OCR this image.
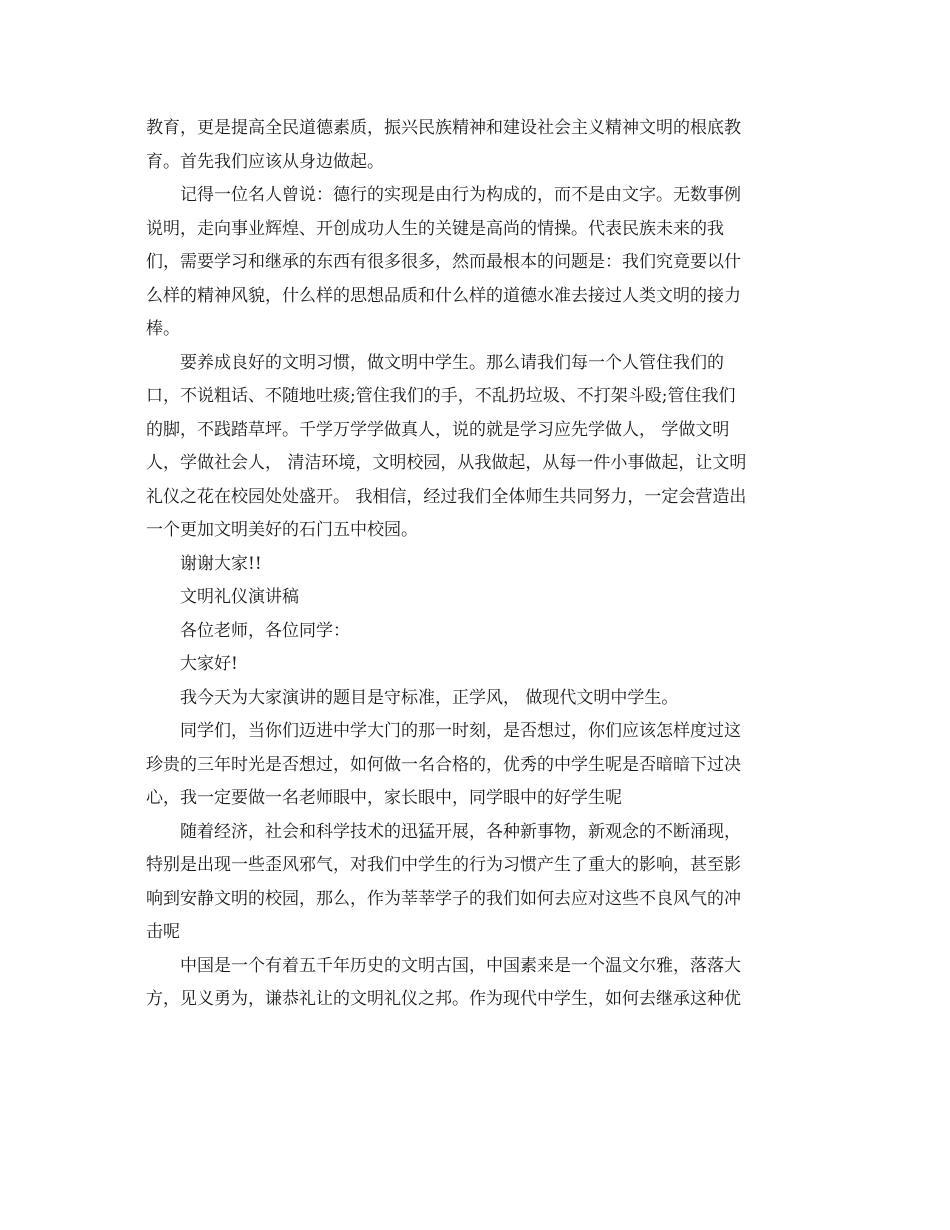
教育，更是提高全民道德素质，振兴民族精神和建设社会主义精神文明的根底教
育。首先我们应该从身边做起。
记得一位名人曾说：德行的实现是由行为构成的，而不是由文字。无数事例
说明，走向事业辉煌、开创成功人生的关键是高尚的情操。代表民族未来的我
们，需要学习和继承的东西有很多很多，然而最根本的问题是：我们究竟要以什
么样的精神风貌，什么样的思想品质和什么样的道德水准去接过人类文明的接力
棒。
要养成良好的文明习惯，做文明中学生。那么请我们每一个人管住我们的
口，不说粗话、不随地吐痰;管住我们的手，不乱扔垃圾、不打架斗殴;管住我们
的脚，不践踏草坪。千学万学学做真人，说的就是学习应先学做人， 学做文明
人，学做社会人， 清洁环境，文明校园，从我做起，从每一件小事做起，让文明
礼仪之花在校园处处盛开。 我相信，经过我们全体师生共同努力，一定会营造出
一个更加文明美好的石门五中校园。
谢谢大家!!
文明礼仪演讲稿
各位老师，各位同学：
大家好!
我今天为大家演讲的题目是守标准，正学风， 做现代文明中学生。
同学们，当你们迈进中学大门的那一时刻，是否想过，你们应该怎样度过这
珍贵的三年时光是否想过，如何做一名合格的，优秀的中学生呢是否暗暗下过决
心，我一定要做一名老师眼中，家长眼中，同学眼中的好学生呢
随着经济，社会和科学技术的迅猛开展，各种新事物，新观念的不断涌现，
特别是出现一些歪风邪气，对我们中学生的行为习惯产生了重大的影响，甚至影
响到安静文明的校园，那么，作为莘莘学子的我们如何去应对这些不良风气的冲
击呢
中国是一个有着五千年历史的文明古国，中国素来是一个温文尔雅，落落大
方，见义勇为，谦恭礼让的文明礼仪之邦。作为现代中学生，如何去继承这种优
